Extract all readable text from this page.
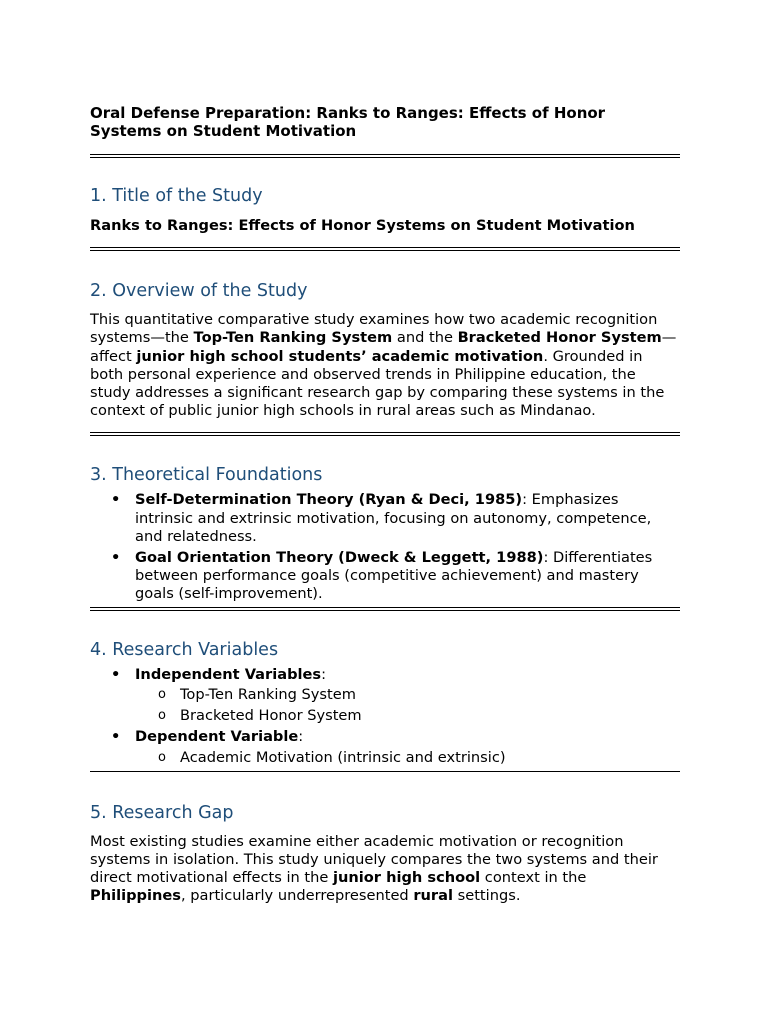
Oral Defense Preparation: Ranks to Ranges: Effects of Honor Systems on Student Motivation

1. Title of the Study

Ranks to Ranges: Effects of Honor Systems on Student Motivation

2. Overview of the Study

This quantitative comparative study examines how two academic recognition systems—the Top-Ten Ranking System and the Bracketed Honor System—affect junior high school students’ academic motivation. Grounded in both personal experience and observed trends in Philippine education, the study addresses a significant research gap by comparing these systems in the context of public junior high schools in rural areas such as Mindanao.

3. Theoretical Foundations
• Self-Determination Theory (Ryan & Deci, 1985): Emphasizes intrinsic and extrinsic motivation, focusing on autonomy, competence, and relatedness.
• Goal Orientation Theory (Dweck & Leggett, 1988): Differentiates between performance goals (competitive achievement) and mastery goals (self-improvement).
4. Research Variables
• Independent Variables:
o Top-Ten Ranking System
o Bracketed Honor System
• Dependent Variable:
o Academic Motivation (intrinsic and extrinsic)
5. Research Gap

Most existing studies examine either academic motivation or recognition systems in isolation. This study uniquely compares the two systems and their direct motivational effects in the junior high school context in the Philippines, particularly underrepresented rural settings.
